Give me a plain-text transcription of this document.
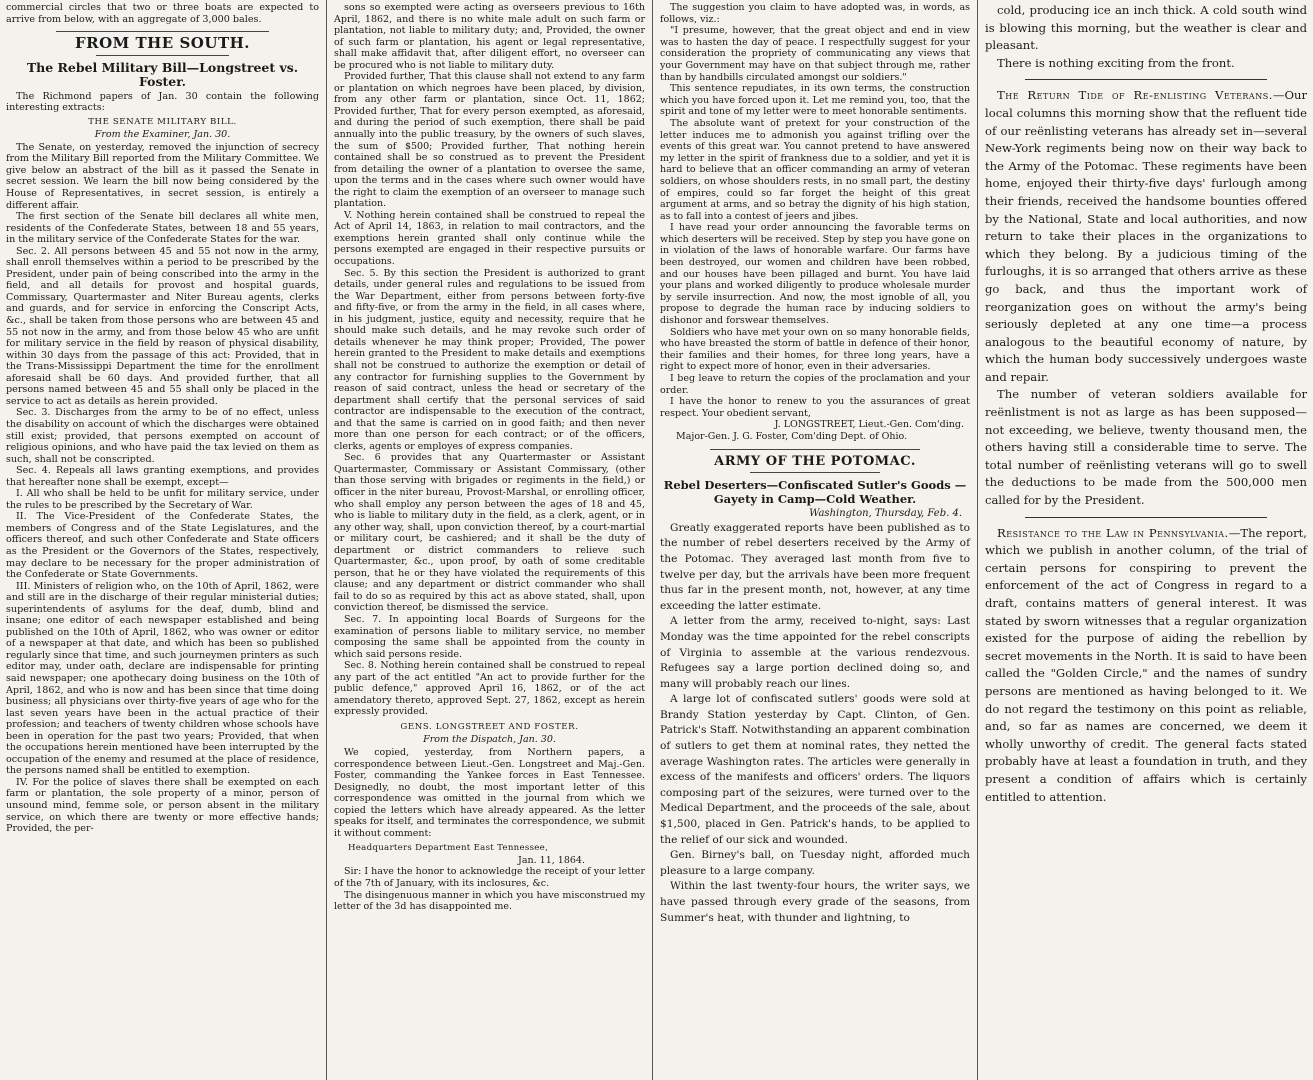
commercial circles that two or three boats are expected to arrive from below, with an aggregate of 3,000 bales.

FROM THE SOUTH.
The Rebel Military Bill—Longstreet vs. Foster.

The Richmond papers of Jan. 30 contain the following interesting extracts:

THE SENATE MILITARY BILL.
From the Examiner, Jan. 30.

The Senate, on yesterday, removed the injunction of secrecy from the Military Bill reported from the Military Committee. We give below an abstract of the bill as it passed the Senate in secret session. We learn the bill now being considered by the House of Representatives, in secret session, is entirely a different affair.

The first section of the Senate bill declares all white men, residents of the Confederate States, between 18 and 55 years, in the military service of the Confederate States for the war.

Sec. 2. All persons between 45 and 55 not now in the army, shall enroll themselves within a period to be prescribed by the President, under pain of being conscribed into the army in the field, and all details for provost and hospital guards, Commissary, Quartermaster and Niter Bureau agents, clerks and guards, and for service in enforcing the Conscript Acts, &c., shall be taken from those persons who are between 45 and 55 not now in the army, and from those below 45 who are unfit for military service in the field by reason of physical disability, within 30 days from the passage of this act: Provided, that in the Trans-Mississippi Department the time for the enrollment aforesaid shall be 60 days. And provided further, that all persons named between 45 and 55 shall only be placed in the service to act as details as herein provided.

Sec. 3. Discharges from the army to be of no effect, unless the disability on account of which the discharges were obtained still exist; provided, that persons exempted on account of religious opinions, and who have paid the tax levied on them as such, shall not be conscripted.

Sec. 4. Repeals all laws granting exemptions, and provides that hereafter none shall be exempt, except—

I. All who shall be held to be unfit for military service, under the rules to be prescribed by the Secretary of War.

II. The Vice-President of the Confederate States, the members of Congress and of the State Legislatures, and the officers thereof, and such other Confederate and State officers as the President or the Governors of the States, respectively, may declare to be necessary for the proper administration of the Confederate or State Governments.

III. Ministers of religion who, on the 10th of April, 1862, were and still are in the discharge of their regular ministerial duties; superintendents of asylums for the deaf, dumb, blind and insane; one editor of each newspaper established and being published on the 10th of April, 1862, who was owner or editor of a newspaper at that date, and which has been so published regularly since that time, and such journeymen printers as such editor may, under oath, declare are indispensable for printing said newspaper; one apothecary doing business on the 10th of April, 1862, and who is now and has been since that time doing business; all physicians over thirty-five years of age who for the last seven years have been in the actual practice of their profession; and teachers of twenty children whose schools have been in operation for the past two years; Provided, that when the occupations herein mentioned have been interrupted by the occupation of the enemy and resumed at the place of residence, the persons named shall be entitled to exemption.

IV. For the police of slaves there shall be exempted on each farm or plantation, the sole property of a minor, person of unsound mind, femme sole, or person absent in the military service, on which there are twenty or more effective hands; Provided, the per-

sons so exempted were acting as overseers previous to 16th April, 1862, and there is no white male adult on such farm or plantation, not liable to military duty; and, Provided, the owner of such farm or plantation, his agent or legal representative, shall make affidavit that, after diligent effort, no overseer can be procured who is not liable to military duty.

Provided further, That this clause shall not extend to any farm or plantation on which negroes have been placed, by division, from any other farm or plantation, since Oct. 11, 1862; Provided further, That for every person exempted, as aforesaid, and during the period of such exemption, there shall be paid annually into the public treasury, by the owners of such slaves, the sum of $500; Provided further, That nothing herein contained shall be so construed as to prevent the President from detailing the owner of a plantation to oversee the same, upon the terms and in the cases where such owner would have the right to claim the exemption of an overseer to manage such plantation.

V. Nothing herein contained shall be construed to repeal the Act of April 14, 1863, in relation to mail contractors, and the exemptions herein granted shall only continue while the persons exempted are engaged in their respective pursuits or occupations.

Sec. 5. By this section the President is authorized to grant details, under general rules and regulations to be issued from the War Department, either from persons between forty-five and fifty-five, or from the army in the field, in all cases where, in his judgment, justice, equity and necessity, require that he should make such details, and he may revoke such order of details whenever he may think proper; Provided, The power herein granted to the President to make details and exemptions shall not be construed to authorize the exemption or detail of any contractor for furnishing supplies to the Government by reason of said contract, unless the head or secretary of the department shall certify that the personal services of said contractor are indispensable to the execution of the contract, and that the same is carried on in good faith; and then never more than one person for each contract; or of the officers, clerks, agents or employes of express companies.

Sec. 6 provides that any Quartermaster or Assistant Quartermaster, Commissary or Assistant Commissary, (other than those serving with brigades or regiments in the field,) or officer in the niter bureau, Provost-Marshal, or enrolling officer, who shall employ any person between the ages of 18 and 45, who is liable to military duty in the field, as a clerk, agent, or in any other way, shall, upon conviction thereof, by a court-martial or military court, be cashiered; and it shall be the duty of department or district commanders to relieve such Quartermaster, &c., upon proof, by oath of some creditable person, that he or they have violated the requirements of this clause; and any department or district commander who shall fail to do so as required by this act as above stated, shall, upon conviction thereof, be dismissed the service.

Sec. 7. In appointing local Boards of Surgeons for the examination of persons liable to military service, no member composing the same shall be appointed from the county in which said persons reside.

Sec. 8. Nothing herein contained shall be construed to repeal any part of the act entitled "An act to provide further for the public defence," approved April 16, 1862, or of the act amendatory thereto, approved Sept. 27, 1862, except as herein expressly provided.

GENS. LONGSTREET AND FOSTER.
From the Dispatch, Jan. 30.

We copied, yesterday, from Northern papers, a correspondence between Lieut.-Gen. Longstreet and Maj.-Gen. Foster, commanding the Yankee forces in East Tennessee. Designedly, no doubt, the most important letter of this correspondence was omitted in the journal from which we copied the letters which have already appeared. As the letter speaks for itself, and terminates the correspondence, we submit it without comment:

Headquarters Department East Tennessee,
Jan. 11, 1864.

Sir: I have the honor to acknowledge the receipt of your letter of the 7th of January, with its inclosures, &c.

The disingenuous manner in which you have misconstrued my letter of the 3d has disappointed me.

The suggestion you claim to have adopted was, in words, as follows, viz.:

"I presume, however, that the great object and end in view was to hasten the day of peace. I respectfully suggest for your consideration the propriety of communicating any views that your Government may have on that subject through me, rather than by handbills circulated amongst our soldiers."

This sentence repudiates, in its own terms, the construction which you have forced upon it. Let me remind you, too, that the spirit and tone of my letter were to meet honorable sentiments.

The absolute want of pretext for your construction of the letter induces me to admonish you against trifling over the events of this great war. You cannot pretend to have answered my letter in the spirit of frankness due to a soldier, and yet it is hard to believe that an officer commanding an army of veteran soldiers, on whose shoulders rests, in no small part, the destiny of empires, could so far forget the height of this great argument at arms, and so betray the dignity of his high station, as to fall into a contest of jeers and jibes.

I have read your order announcing the favorable terms on which deserters will be received. Step by step you have gone on in violation of the laws of honorable warfare. Our farms have been destroyed, our women and children have been robbed, and our houses have been pillaged and burnt. You have laid your plans and worked diligently to produce wholesale murder by servile insurrection. And now, the most ignoble of all, you propose to degrade the human race by inducing soldiers to dishonor and forswear themselves.

Soldiers who have met your own on so many honorable fields, who have breasted the storm of battle in defence of their honor, their families and their homes, for three long years, have a right to expect more of honor, even in their adversaries.

I beg leave to return the copies of the proclamation and your order.

I have the honor to renew to you the assurances of great respect. Your obedient servant,

J. LONGSTREET, Lieut.-Gen. Com'ding.

Major-Gen. J. G. Foster, Com'ding Dept. of Ohio.

ARMY OF THE POTOMAC.
Rebel Deserters—Confiscated Sutler's Goods —Gayety in Camp—Cold Weather.
Washington, Thursday, Feb. 4.

Greatly exaggerated reports have been published as to the number of rebel deserters received by the Army of the Potomac. They averaged last month from five to twelve per day, but the arrivals have been more frequent thus far in the present month, not, however, at any time exceeding the latter estimate.

A letter from the army, received to-night, says: Last Monday was the time appointed for the rebel conscripts of Virginia to assemble at the various rendezvous. Refugees say a large portion declined doing so, and many will probably reach our lines.

A large lot of confiscated sutlers' goods were sold at Brandy Station yesterday by Capt. Clinton, of Gen. Patrick's Staff. Notwithstanding an apparent combination of sutlers to get them at nominal rates, they netted the average Washington rates. The articles were generally in excess of the manifests and officers' orders. The liquors composing part of the seizures, were turned over to the Medical Department, and the proceeds of the sale, about $1,500, placed in Gen. Patrick's hands, to be applied to the relief of our sick and wounded.

Gen. Birney's ball, on Tuesday night, afforded much pleasure to a large company.

Within the last twenty-four hours, the writer says, we have passed through every grade of the seasons, from Summer's heat, with thunder and lightning, to

cold, producing ice an inch thick. A cold south wind is blowing this morning, but the weather is clear and pleasant.

There is nothing exciting from the front.

The Return Tide of Re-enlisting Veterans.—Our local columns this morning show that the refluent tide of our reënlisting veterans has already set in—several New-York regiments being now on their way back to the Army of the Potomac. These regiments have been home, enjoyed their thirty-five days' furlough among their friends, received the handsome bounties offered by the National, State and local authorities, and now return to take their places in the organizations to which they belong. By a judicious timing of the furloughs, it is so arranged that others arrive as these go back, and thus the important work of reorganization goes on without the army's being seriously depleted at any one time—a process analogous to the beautiful economy of nature, by which the human body successively undergoes waste and repair.

The number of veteran soldiers available for reënlistment is not as large as has been supposed—not exceeding, we believe, twenty thousand men, the others having still a considerable time to serve. The total number of reënlisting veterans will go to swell the deductions to be made from the 500,000 men called for by the President.

Resistance to the Law in Pennsylvania.—The report, which we publish in another column, of the trial of certain persons for conspiring to prevent the enforcement of the act of Congress in regard to a draft, contains matters of general interest. It was stated by sworn witnesses that a regular organization existed for the purpose of aiding the rebellion by secret movements in the North. It is said to have been called the "Golden Circle," and the names of sundry persons are mentioned as having belonged to it. We do not regard the testimony on this point as reliable, and, so far as names are concerned, we deem it wholly unworthy of credit. The general facts stated probably have at least a foundation in truth, and they present a condition of affairs which is certainly entitled to attention.
